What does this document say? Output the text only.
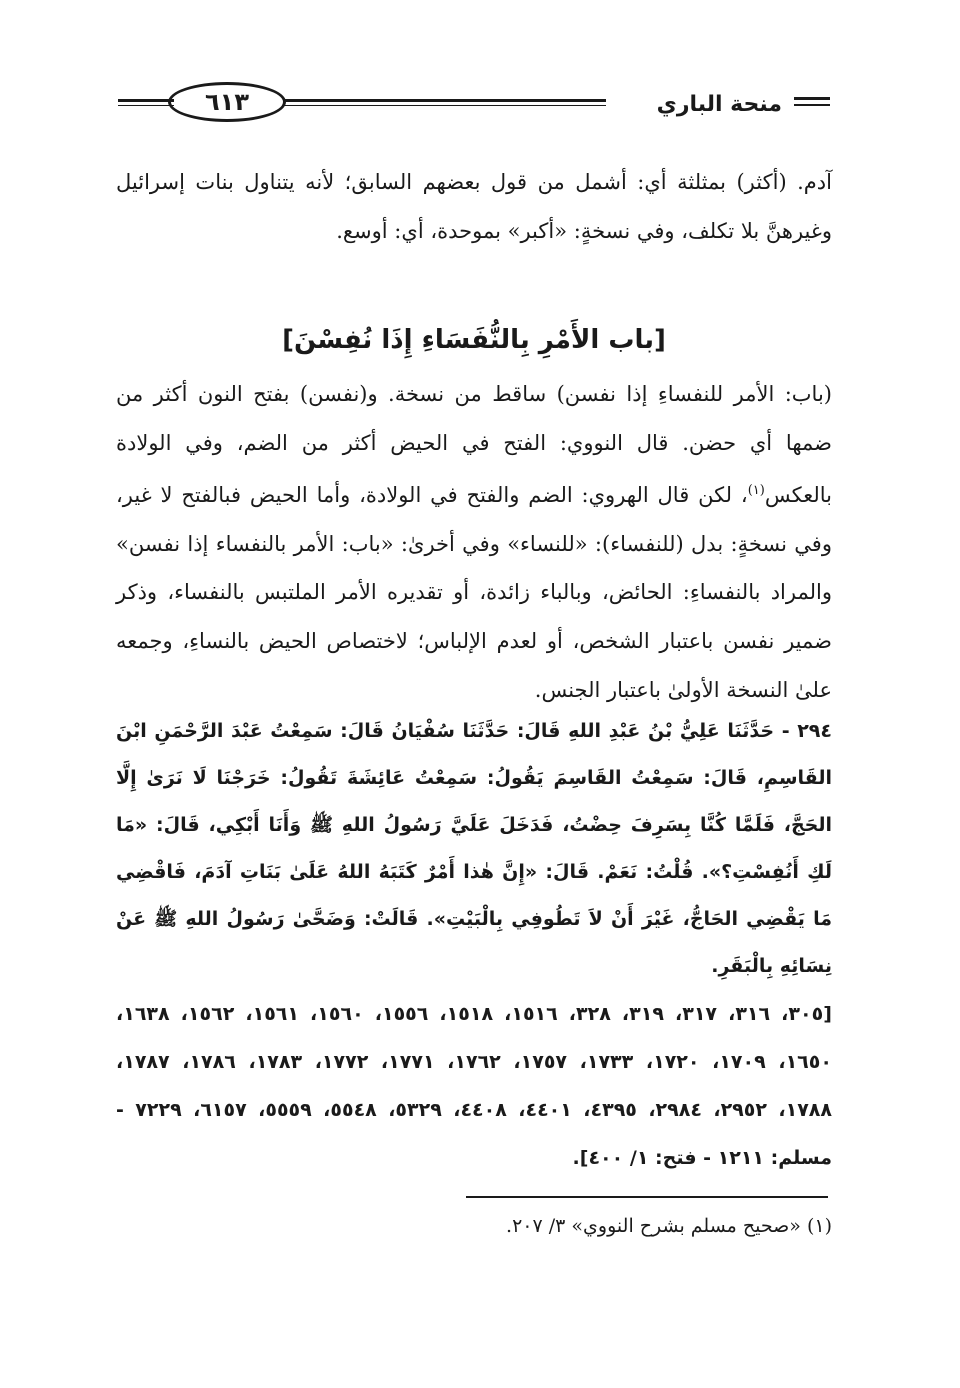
٦١٣	منحة الباري

آدم. (أكثر) بمثلثة أي: أشمل من قول بعضهم السابق؛ لأنه يتناول بنات إسرائيل وغيرهنَّ بلا تكلف، وفي نسخةٍ: «أكبر» بموحدة، أي: أوسع.

[باب الأَمْرِ بِالنُّفَسَاءِ إِذَا نُفِسْنَ]

(باب: الأمر للنفساءِ إذا نفسن) ساقط من نسخة. و(نفسن) بفتح النون أكثر من ضمها أي حضن. قال النووي: الفتح في الحيض أكثر من الضم، وفي الولادة بالعكس$^{(١)}$، لكن قال الهروي: الضم والفتح في الولادة، وأما الحيض فبالفتح لا غير، وفي نسخةٍ: بدل (للنفساء): «للنساء» وفي أخرىٰ: «باب: الأمر بالنفساء إذا نفسن» والمراد بالنفساءِ: الحائض، وبالباء زائدة، أو تقديره الأمر الملتبس بالنفساء، وذكر ضمير نفسن باعتبار الشخص، أو لعدم الإلباس؛ لاختصاص الحيض بالنساءِ، وجمعه علىٰ النسخة الأولىٰ باعتبار الجنس.

٢٩٤ - حَدَّثَنَا عَلِيُّ بْنُ عَبْدِ اللهِ قَالَ: حَدَّثَنَا سُفْيَانُ قَالَ: سَمِعْتُ عَبْدَ الرَّحْمَنِ ابْنَ القَاسِمِ، قَالَ: سَمِعْتُ القَاسِمَ يَقُولُ: سَمِعْتُ عَائِشَةَ تَقُولُ: خَرَجْنَا لَا نَرَىٰ إِلَّا الحَجَّ، فَلَمَّا كُنَّا بِسَرِفَ حِضْتُ، فَدَخَلَ عَلَيَّ رَسُولُ اللهِ ﷺ وَأَنَا أَبْكِي، قَالَ: «مَا لَكِ أَنُفِسْتِ؟». قُلْتُ: نَعَمْ. قَالَ: «إِنَّ هٰذا أَمْرٌ كَتَبَهُ اللهُ عَلَىٰ بَنَاتِ آدَمَ، فَاقْضِي مَا يَقْضِي الحَاجُّ، غَيْرَ أَنْ لاَ تَطُوفِي بِالْبَيْتِ». قَالَتْ: وَضَحَّىٰ رَسُولُ اللهِ ﷺ عَنْ نِسَائِهِ بِالْبَقَرِ.

[٣٠٥، ٣١٦، ٣١٧، ٣١٩، ٣٢٨، ١٥١٦، ١٥١٨، ١٥٥٦، ١٥٦٠، ١٥٦١، ١٥٦٢، ١٦٣٨، ١٦٥٠، ١٧٠٩، ١٧٢٠، ١٧٣٣، ١٧٥٧، ١٧٦٢، ١٧٧١، ١٧٧٢، ١٧٨٣، ١٧٨٦، ١٧٨٧، ١٧٨٨، ٢٩٥٢، ٢٩٨٤، ٤٣٩٥، ٤٤٠١، ٤٤٠٨، ٥٣٢٩، ٥٥٤٨، ٥٥٥٩، ٦١٥٧، ٧٢٢٩ - مسلم: ١٢١١ - فتح: ١/ ٤٠٠].

(١) «صحيح مسلم بشرح النووي» ٣/ ٢٠٧.
